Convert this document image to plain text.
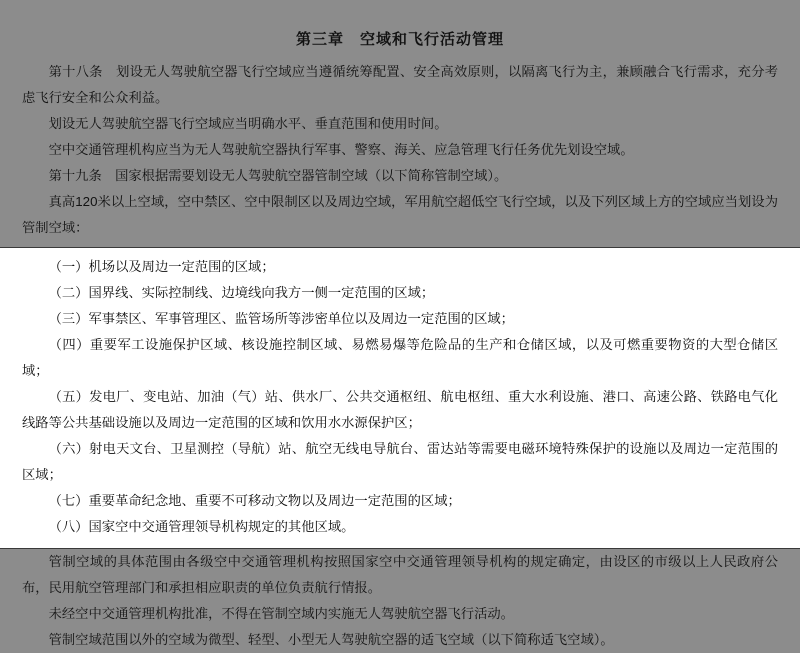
第三章　空域和飞行活动管理

第十八条　划设无人驾驶航空器飞行空域应当遵循统筹配置、安全高效原则，以隔离飞行为主，兼顾融合飞行需求，充分考虑飞行安全和公众利益。

划设无人驾驶航空器飞行空域应当明确水平、垂直范围和使用时间。

空中交通管理机构应当为无人驾驶航空器执行军事、警察、海关、应急管理飞行任务优先划设空域。

第十九条　国家根据需要划设无人驾驶航空器管制空域（以下简称管制空域）。

真高120米以上空域，空中禁区、空中限制区以及周边空域，军用航空超低空飞行空域，以及下列区域上方的空域应当划设为管制空域：

（一）机场以及周边一定范围的区域；

（二）国界线、实际控制线、边境线向我方一侧一定范围的区域；

（三）军事禁区、军事管理区、监管场所等涉密单位以及周边一定范围的区域；

（四）重要军工设施保护区域、核设施控制区域、易燃易爆等危险品的生产和仓储区域，以及可燃重要物资的大型仓储区域；

（五）发电厂、变电站、加油（气）站、供水厂、公共交通枢纽、航电枢纽、重大水利设施、港口、高速公路、铁路电气化线路等公共基础设施以及周边一定范围的区域和饮用水水源保护区；

（六）射电天文台、卫星测控（导航）站、航空无线电导航台、雷达站等需要电磁环境特殊保护的设施以及周边一定范围的区域；

（七）重要革命纪念地、重要不可移动文物以及周边一定范围的区域；

（八）国家空中交通管理领导机构规定的其他区域。

管制空域的具体范围由各级空中交通管理机构按照国家空中交通管理领导机构的规定确定，由设区的市级以上人民政府公布，民用航空管理部门和承担相应职责的单位负责航行情报。

未经空中交通管理机构批准，不得在管制空域内实施无人驾驶航空器飞行活动。

管制空域范围以外的空域为微型、轻型、小型无人驾驶航空器的适飞空域（以下简称适飞空域）。
